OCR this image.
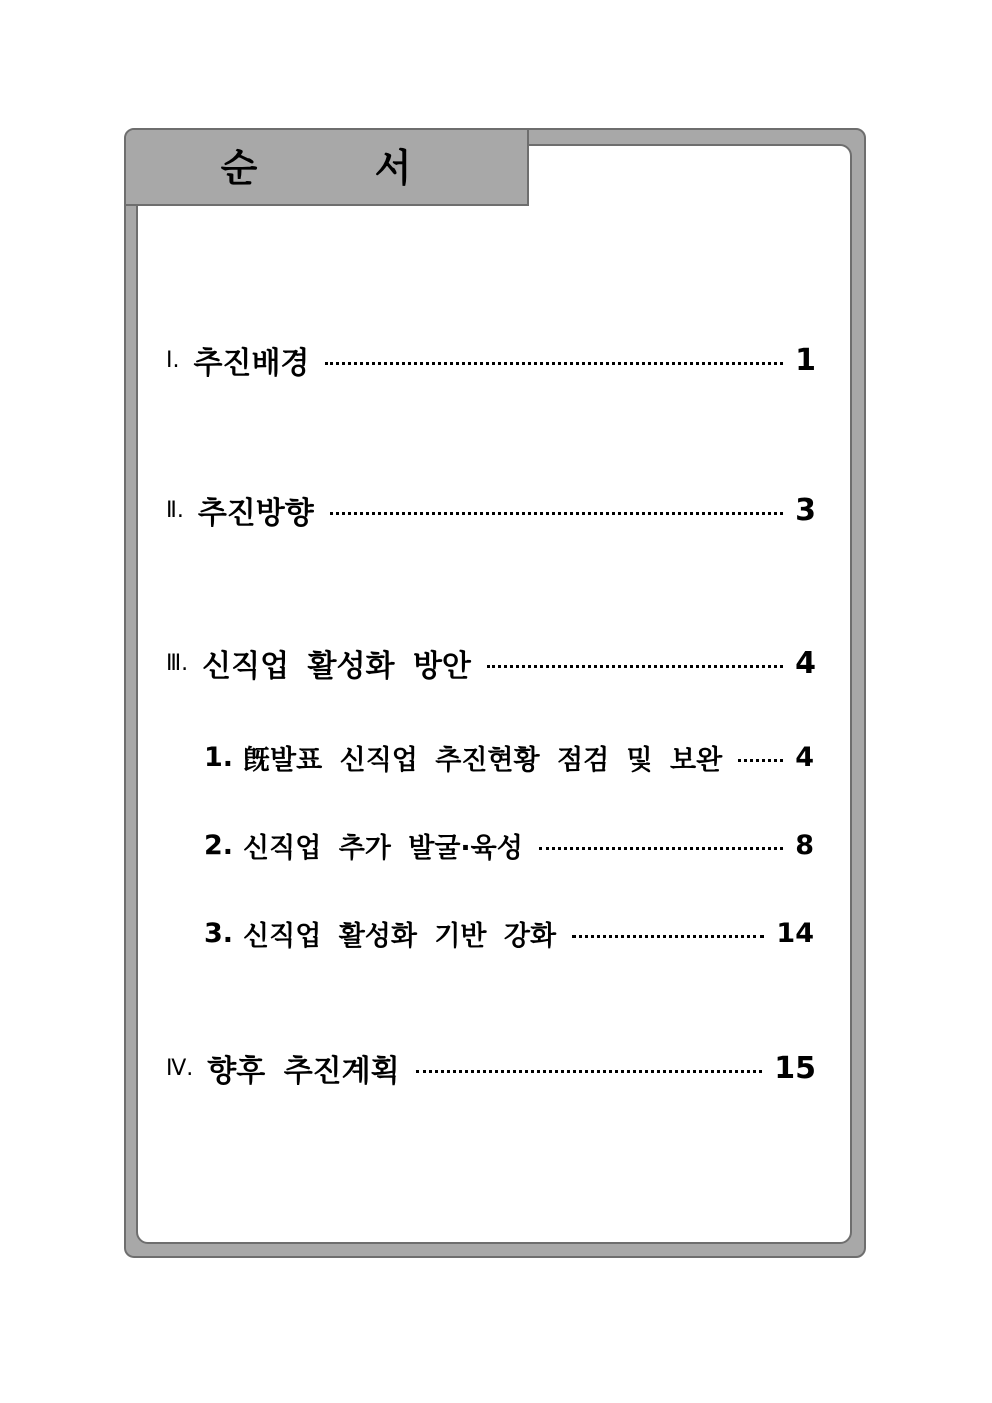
순 서
Ⅰ. 추진배경	1
Ⅱ. 추진방향	3
Ⅲ. 신직업 활성화 방안	4
1. 旣발표 신직업 추진현황 점검 및 보완	4
2. 신직업 추가 발굴·육성	8
3. 신직업 활성화 기반 강화	14
Ⅳ. 향후 추진계획	15
